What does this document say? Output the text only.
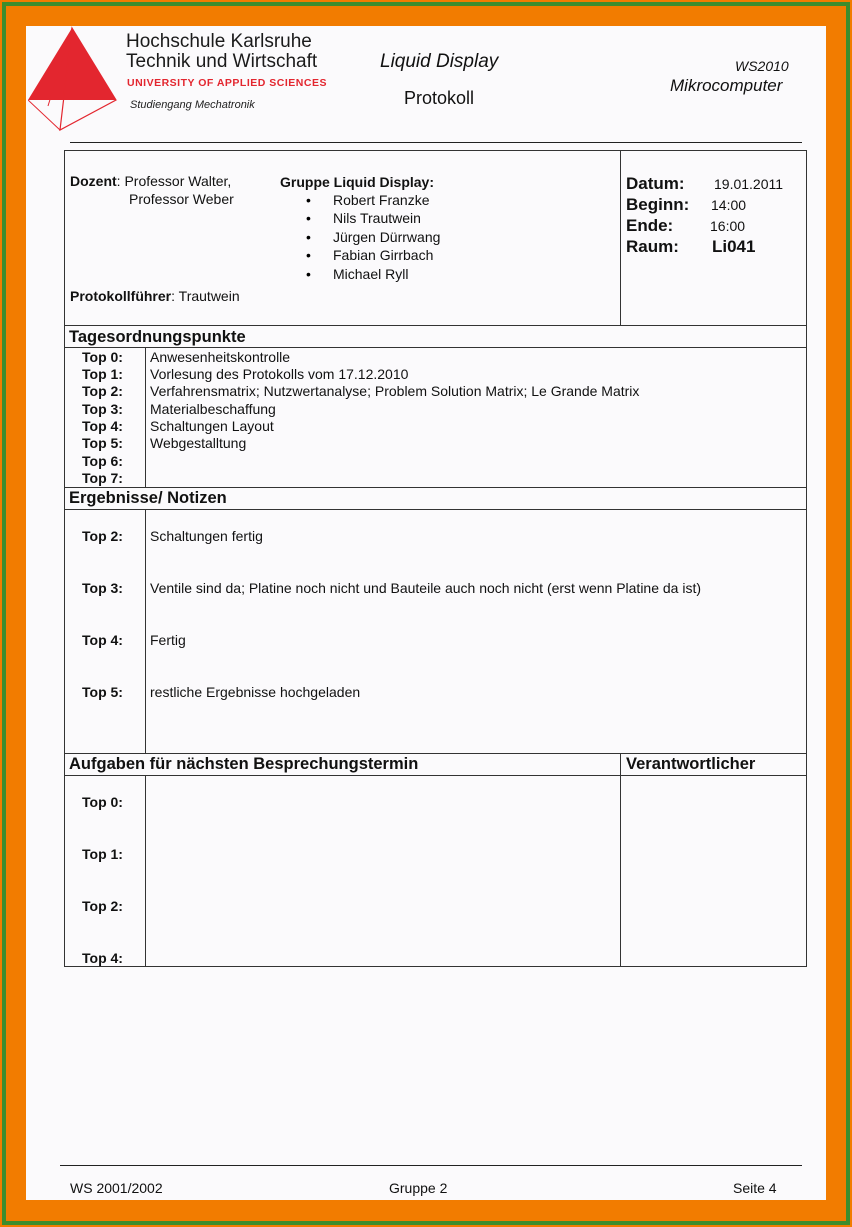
Hochschule Karlsruhe
Technik und Wirtschaft
UNIVERSITY OF APPLIED SCIENCES
Studiengang Mechatronik
Liquid Display
Protokoll
WS2010
Mikrocomputer
Dozent: Professor Walter,
Professor Weber
Gruppe Liquid Display:
• Robert Franzke
• Nils Trautwein
• Jürgen Dürrwang
• Fabian Girrbach
• Michael Ryll
Protokollführer: Trautwein
Datum: 19.01.2011
Beginn: 14:00
Ende:	16:00
Raum: Li041
Tagesordnungspunkte
Top 0: Anwesenheitskontrolle
Top 1: Vorlesung des Protokolls vom 17.12.2010
Top 2: Verfahrensmatrix; Nutzwertanalyse; Problem Solution Matrix; Le Grande Matrix
Top 3: Materialbeschaffung
Top 4: Schaltungen Layout
Top 5: Webgestalltung
Top 6:
Top 7:
Ergebnisse/ Notizen
Top 2: Schaltungen fertig
Top 3: Ventile sind da; Platine noch nicht und Bauteile auch noch nicht (erst wenn Platine da ist)
Top 4: Fertig
Top 5: restliche Ergebnisse hochgeladen
Aufgaben für nächsten Besprechungstermin	Verantwortlicher
Top 0:
Top 1:
Top 2:
Top 4:
WS 2001/2002	Gruppe 2	Seite 4
